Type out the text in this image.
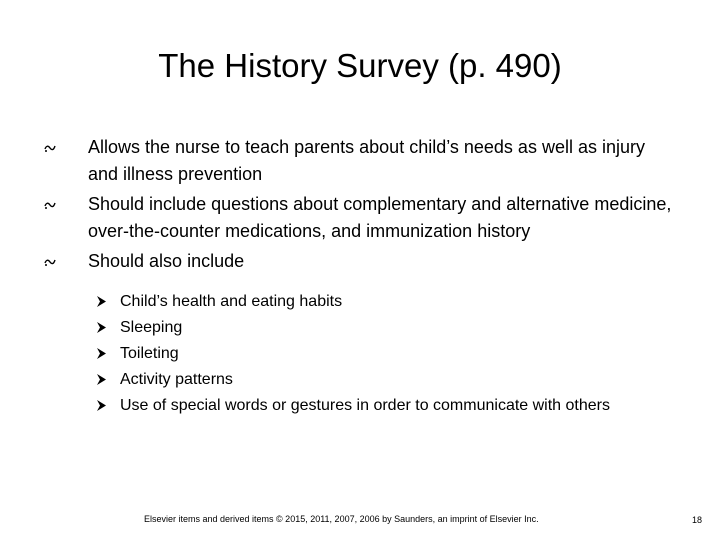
The History Survey (p. 490)
Allows the nurse to teach parents about child’s needs as well as injury and illness prevention
Should include questions about complementary and alternative medicine, over-the-counter medications, and immunization history
Should also include
Child’s health and eating habits
Sleeping
Toileting
Activity patterns
Use of special words or gestures in order to communicate with others
Elsevier items and derived items © 2015, 2011, 2007, 2006 by Saunders, an imprint of Elsevier Inc.	18
